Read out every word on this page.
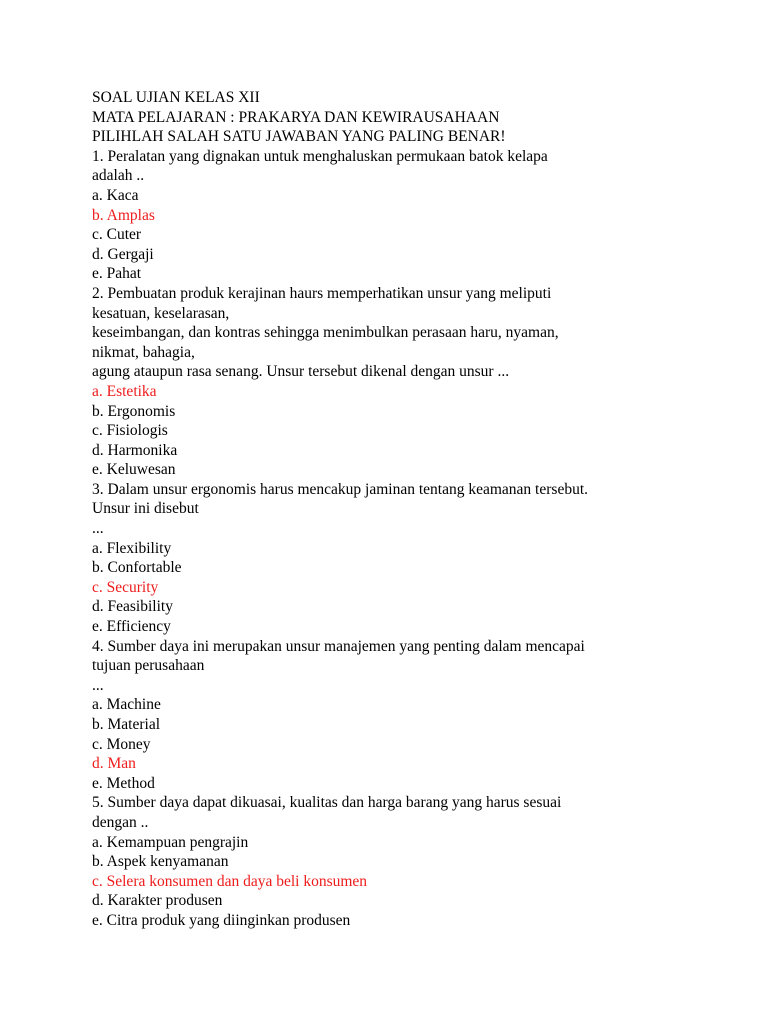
SOAL UJIAN KELAS XII
MATA PELAJARAN : PRAKARYA DAN KEWIRAUSAHAAN
PILIHLAH SALAH SATU JAWABAN YANG PALING BENAR!
1. Peralatan yang dignakan untuk menghaluskan permukaan batok kelapa
adalah ..
a. Kaca
b. Amplas
c. Cuter
d. Gergaji
e. Pahat
2. Pembuatan produk kerajinan haurs memperhatikan unsur yang meliputi
kesatuan, keselarasan,
keseimbangan, dan kontras sehingga menimbulkan perasaan haru, nyaman,
nikmat, bahagia,
agung ataupun rasa senang. Unsur tersebut dikenal dengan unsur ...
a. Estetika
b. Ergonomis
c. Fisiologis
d. Harmonika
e. Keluwesan
3. Dalam unsur ergonomis harus mencakup jaminan tentang keamanan tersebut.
Unsur ini disebut
...
a. Flexibility
b. Confortable
c. Security
d. Feasibility
e. Efficiency
4. Sumber daya ini merupakan unsur manajemen yang penting dalam mencapai
tujuan perusahaan
...
a. Machine
b. Material
c. Money
d. Man
e. Method
5. Sumber daya dapat dikuasai, kualitas dan harga barang yang harus sesuai
dengan ..
a. Kemampuan pengrajin
b. Aspek kenyamanan
c. Selera konsumen dan daya beli konsumen
d. Karakter produsen
e. Citra produk yang diinginkan produsen
